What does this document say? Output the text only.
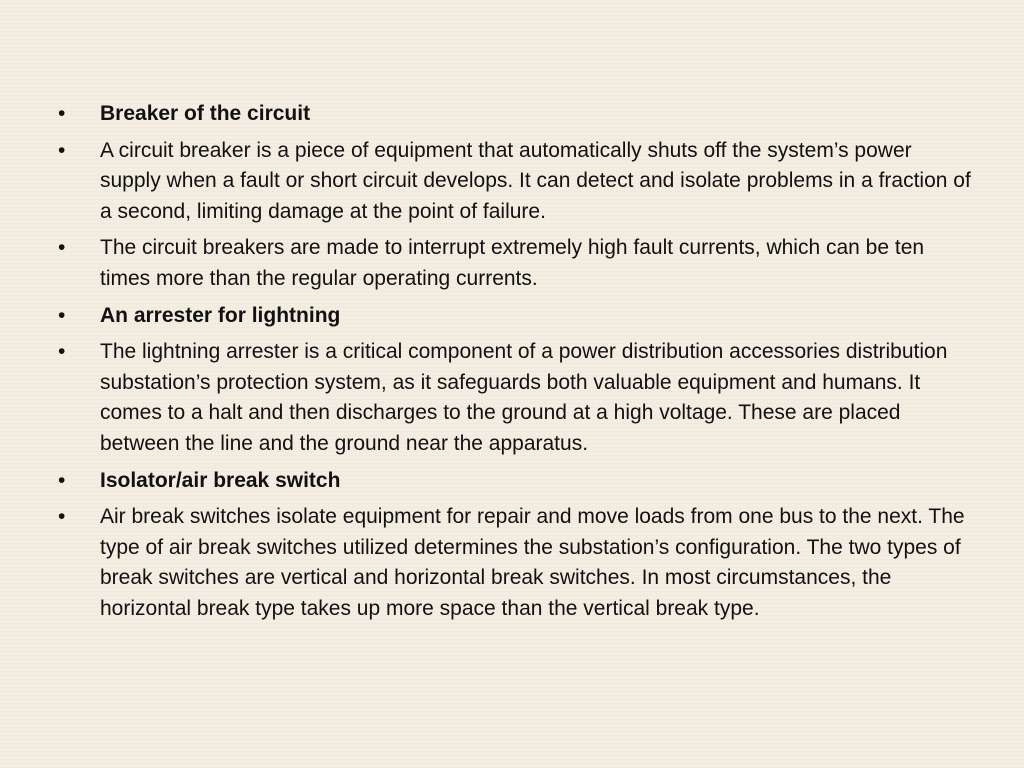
•	Breaker of the circuit
•	A circuit breaker is a piece of equipment that automatically shuts off the system’s power supply when a fault or short circuit develops. It can detect and isolate problems in a fraction of a second, limiting damage at the point of failure.
•	The circuit breakers are made to interrupt extremely high fault currents, which can be ten times more than the regular operating currents.
•	An arrester for lightning
•	The lightning arrester is a critical component of a power distribution accessories distribution substation’s protection system, as it safeguards both valuable equipment and humans. It comes to a halt and then discharges to the ground at a high voltage. These are placed between the line and the ground near the apparatus.
•	Isolator/air break switch
•	Air break switches isolate equipment for repair and move loads from one bus to the next. The type of air break switches utilized determines the substation’s configuration. The two types of break switches are vertical and horizontal break switches. In most circumstances, the horizontal break type takes up more space than the vertical break type.
